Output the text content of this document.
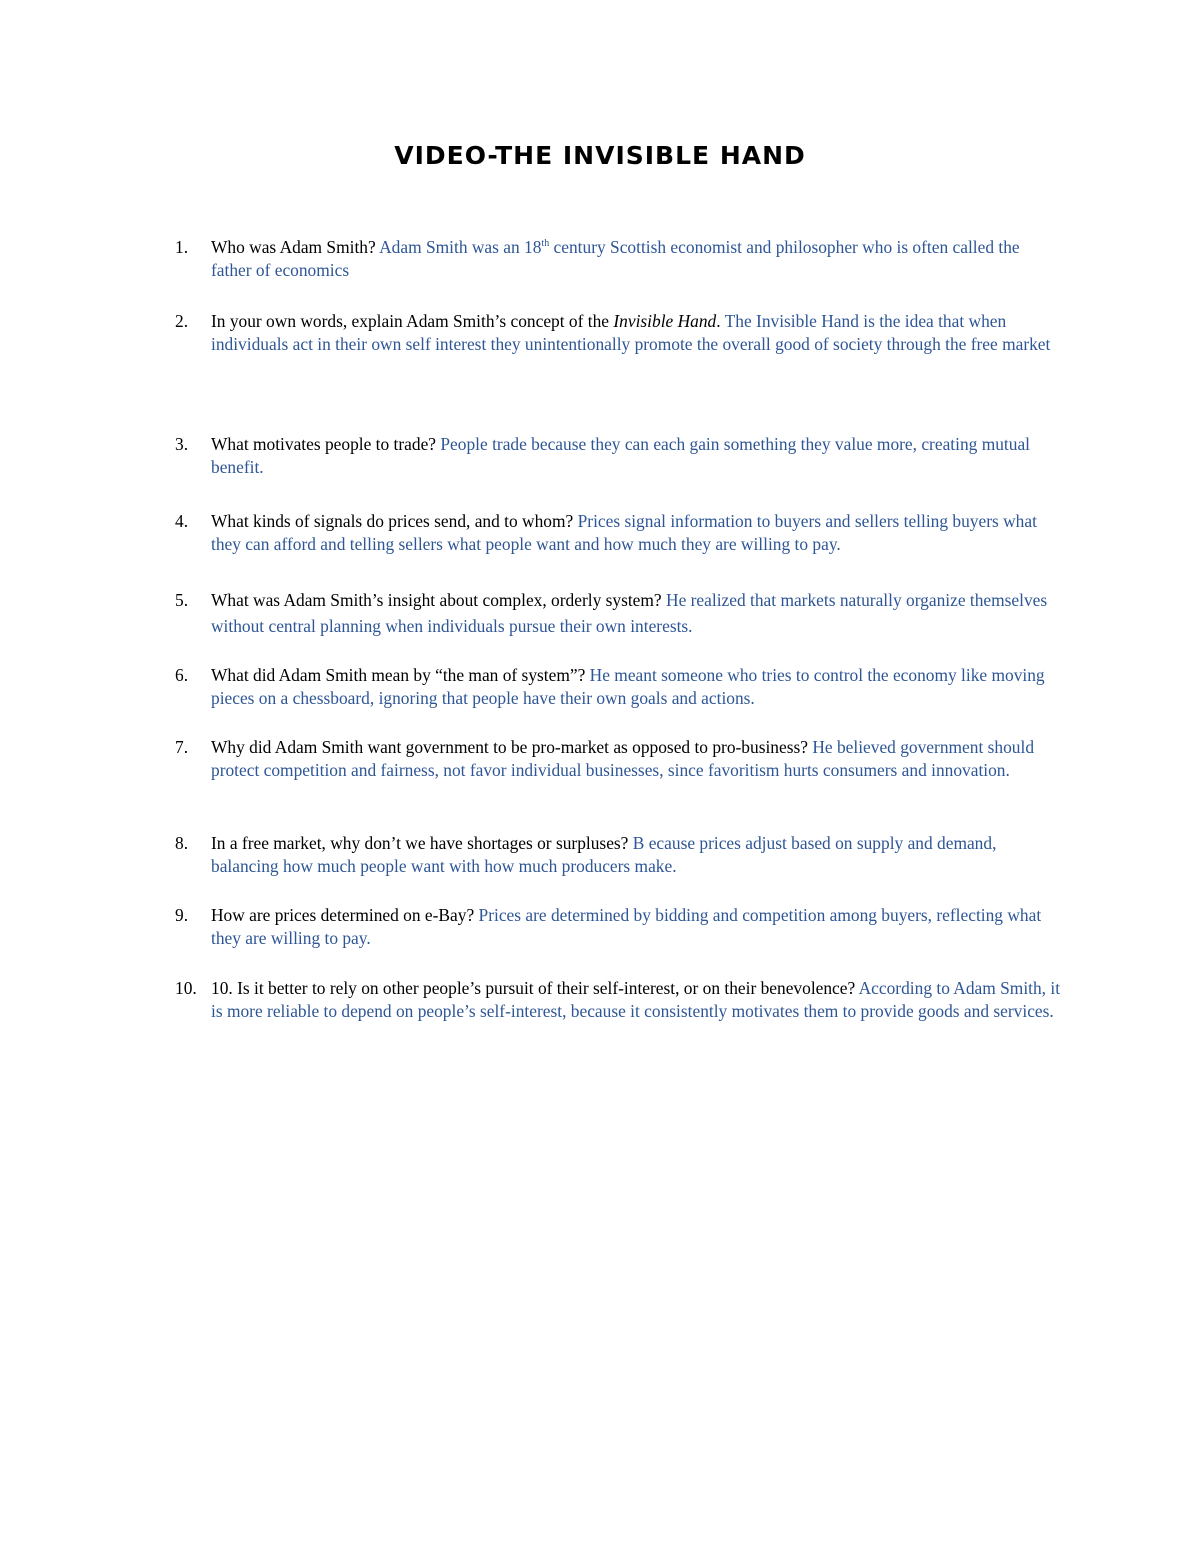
VIDEO-THE INVISIBLE HAND
1. Who was Adam Smith? Adam Smith was an 18th century Scottish economist and philosopher who is often called the father of economics
2. In your own words, explain Adam Smith’s concept of the Invisible Hand. The Invisible Hand is the idea that when individuals act in their own self interest they unintentionally promote the overall good of society through the free market
3. What motivates people to trade? People trade because they can each gain something they value more, creating mutual benefit.
4. What kinds of signals do prices send, and to whom? Prices signal information to buyers and sellers telling buyers what they can afford and telling sellers what people want and how much they are willing to pay.
5. What was Adam Smith’s insight about complex, orderly system? He realized that markets naturally organize themselves without central planning when individuals pursue their own interests.
6. What did Adam Smith mean by “the man of system”? He meant someone who tries to control the economy like moving pieces on a chessboard, ignoring that people have their own goals and actions.
7. Why did Adam Smith want government to be pro-market as opposed to pro-business? He believed government should protect competition and fairness, not favor individual businesses, since favoritism hurts consumers and innovation.
8. In a free market, why don’t we have shortages or surpluses? B ecause prices adjust based on supply and demand, balancing how much people want with how much producers make.
9. How are prices determined on e-Bay? Prices are determined by bidding and competition among buyers, reflecting what they are willing to pay.
10. 10. Is it better to rely on other people’s pursuit of their self-interest, or on their benevolence? According to Adam Smith, it is more reliable to depend on people’s self-interest, because it consistently motivates them to provide goods and services.
